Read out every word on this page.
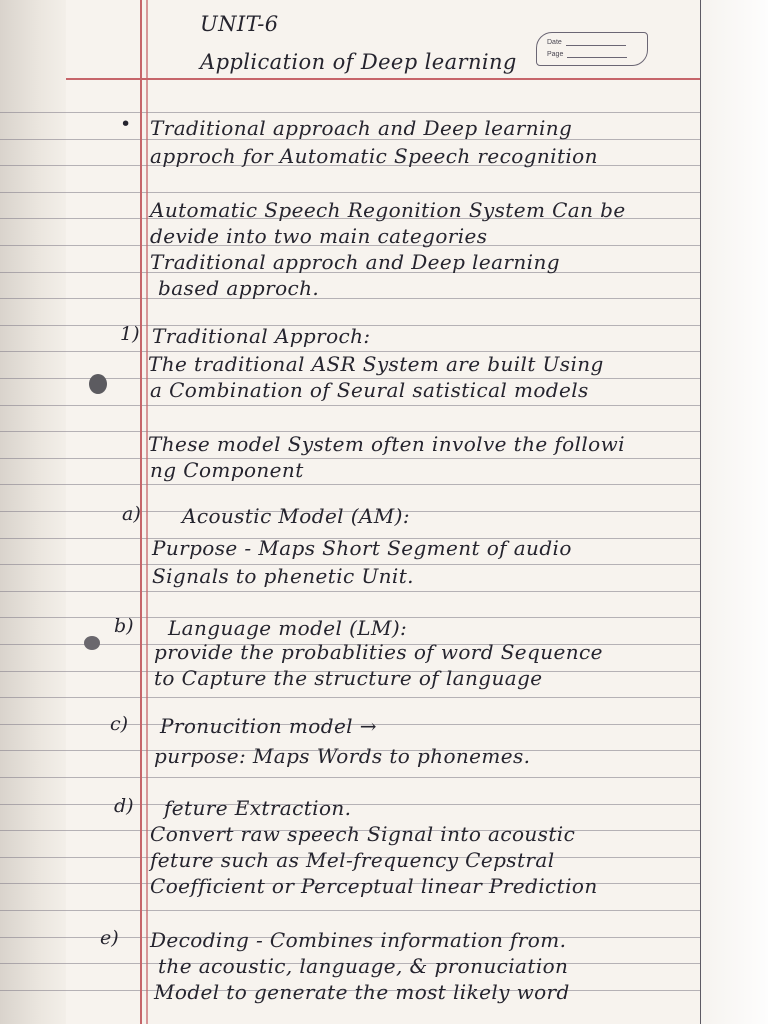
UNIT-6
Application of Deep learning
Date
Page
•
1)
a)
b)
c)
d)
e)
Traditional approach and Deep learning
approch for Automatic Speech recognition
Automatic Speech Regonition System Can be
devide into two main categories
Traditional approch and Deep learning
based approch.
Traditional Approch:
The traditional ASR System are built Using
a Combination of Seural satistical models
These model System often involve the followi
ng Component
Acoustic Model (AM):
Purpose - Maps Short Segment of audio
Signals to phenetic Unit.
Language model (LM):
provide the probablities of word Sequence
to Capture the structure of language
Pronucition model →
purpose: Maps Words to phonemes.
feture Extraction.
Convert raw speech Signal into acoustic
feture such as Mel-frequency Cepstral
Coefficient or Perceptual linear Prediction
Decoding - Combines information from.
the acoustic, language, & pronuciation
Model to generate the most likely word
